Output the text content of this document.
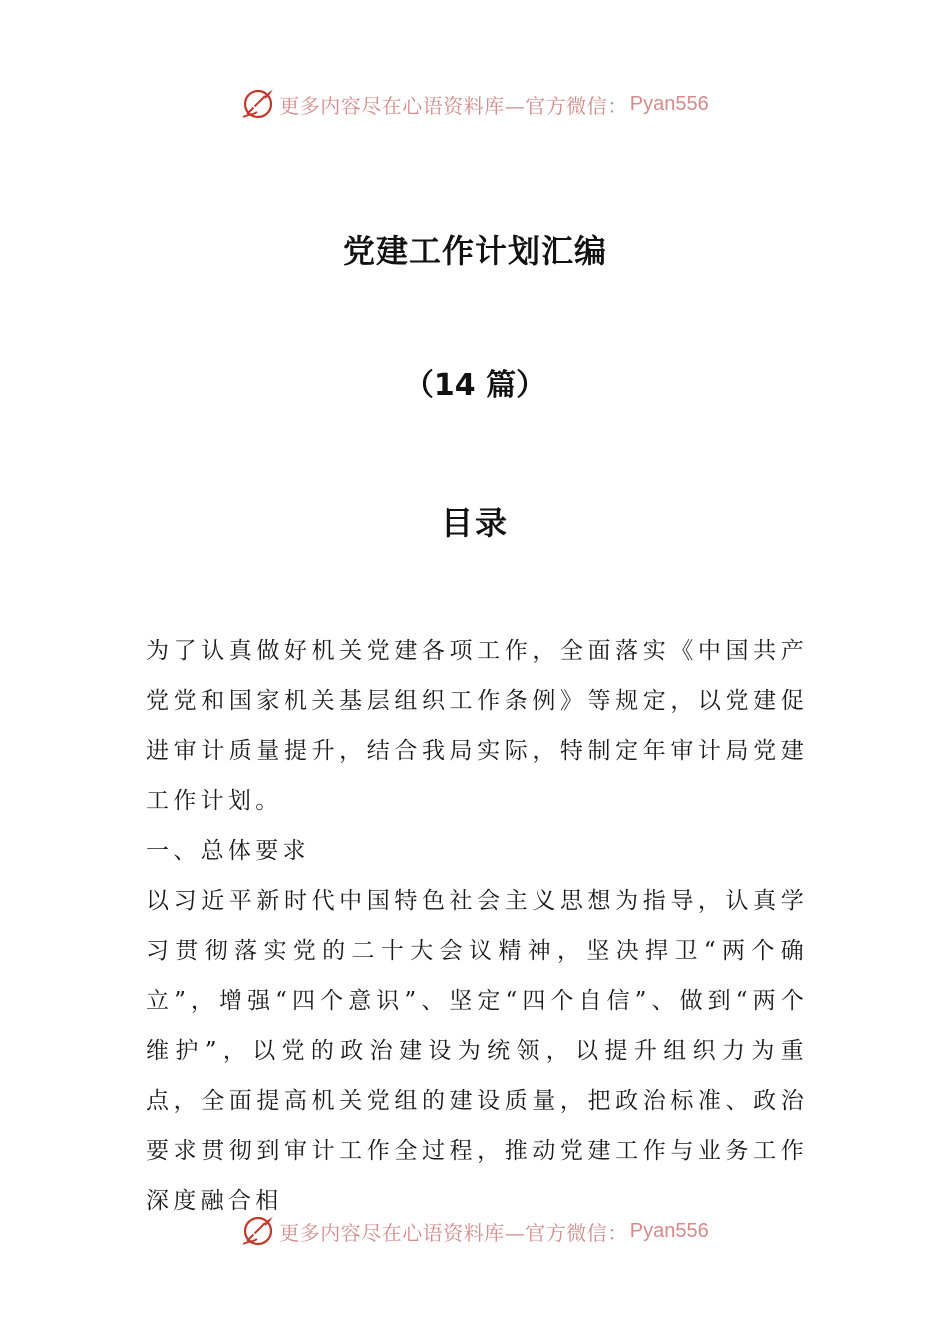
更多内容尽在心语资料库—官方微信： Pyan556
党建工作计划汇编
（14 篇）
目录

为了认真做好机关党建各项工作，全面落实《中国共产党党和国家机关基层组织工作条例》等规定，以党建促进审计质量提升，结合我局实际，特制定年审计局党建工作计划。

一、总体要求

以习近平新时代中国特色社会主义思想为指导，认真学习贯彻落实党的二十大会议精神，坚决捍卫“两个确立”，增强“四个意识”、坚定“四个自信”、做到“两个维护”，以党的政治建设为统领，以提升组织力为重点，全面提高机关党组的建设质量，把政治标准、政治要求贯彻到审计工作全过程，推动党建工作与业务工作深度融合相

更多内容尽在心语资料库—官方微信： Pyan556
